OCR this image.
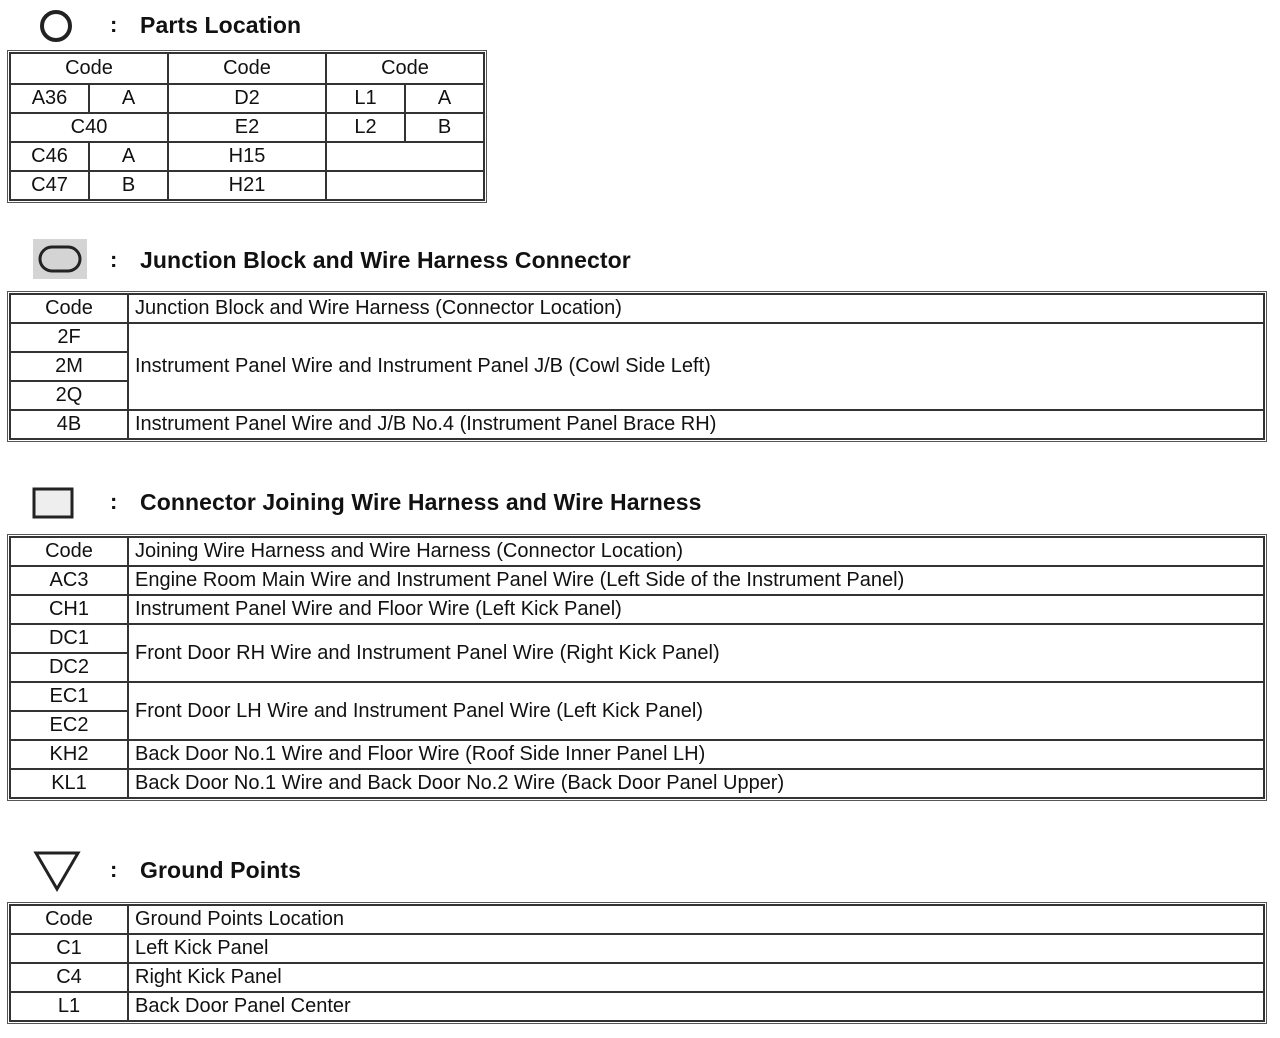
: Parts Location
Code		Code	Code	
A36	A	D2	L1	A
C40		E2	L2	B
C46	A	H15		
C47	B	H21		
: Junction Block and Wire Harness Connector
Code	Junction Block and Wire Harness (Connector Location)
2F	Instrument Panel Wire and Instrument Panel J/B (Cowl Side Left)
2M	
2Q	
4B	Instrument Panel Wire and J/B No.4 (Instrument Panel Brace RH)
: Connector Joining Wire Harness and Wire Harness
Code	Joining Wire Harness and Wire Harness (Connector Location)
AC3	Engine Room Main Wire and Instrument Panel Wire (Left Side of the Instrument Panel)
CH1	Instrument Panel Wire and Floor Wire (Left Kick Panel)
DC1	Front Door RH Wire and Instrument Panel Wire (Right Kick Panel)
DC2	
EC1	Front Door LH Wire and Instrument Panel Wire (Left Kick Panel)
EC2	
KH2	Back Door No.1 Wire and Floor Wire (Roof Side Inner Panel LH)
KL1	Back Door No.1 Wire and Back Door No.2 Wire (Back Door Panel Upper)
: Ground Points
Code	Ground Points Location
C1	Left Kick Panel
C4	Right Kick Panel
L1	Back Door Panel Center
